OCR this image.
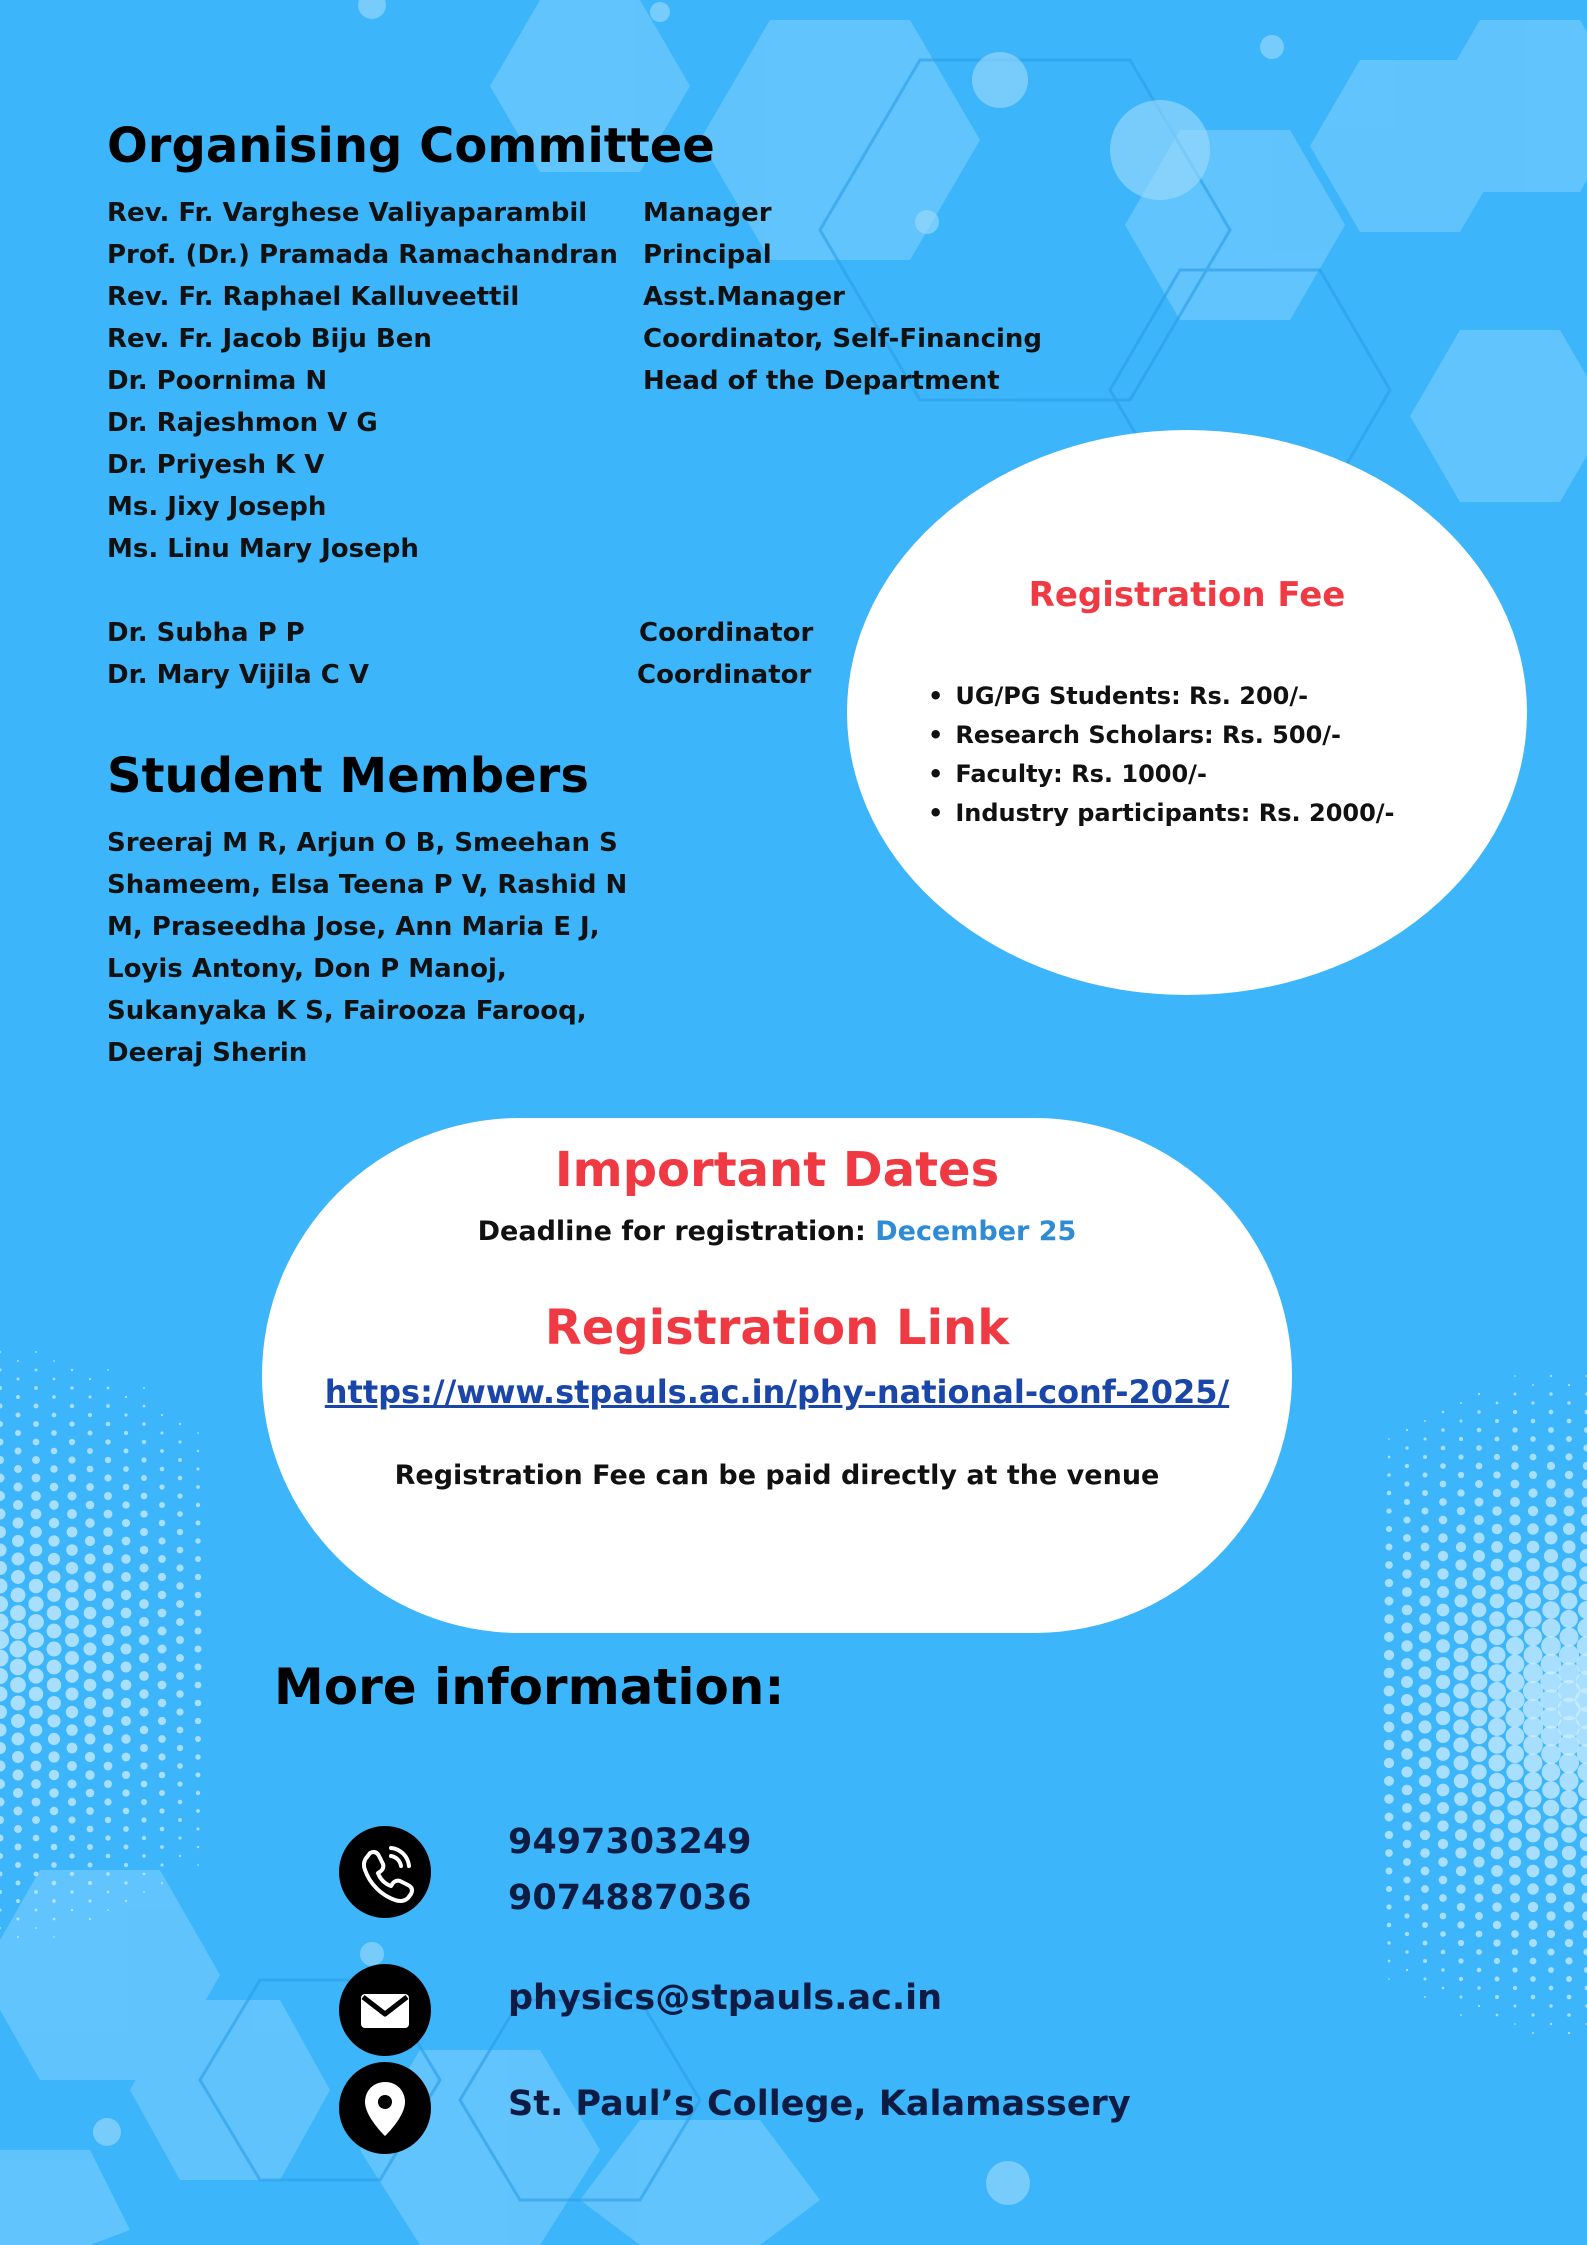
Organising Committee
Rev. Fr. Varghese Valiyaparambil Manager
Prof. (Dr.) Pramada Ramachandran Principal
Rev. Fr. Raphael Kalluveettil	Asst.Manager
Rev. Fr. Jacob Biju Ben	Coordinator, Self-Financing
Dr. Poornima N	Head of the Department
Dr. Rajeshmon V G
Dr. Priyesh K V
Ms. Jixy Joseph
Ms. Linu Mary Joseph
Dr. Subha P P	Coordinator
Dr. Mary Vijila C V	Coordinator
Student Members
Sreeraj M R, Arjun O B, Smeehan S Shameem, Elsa Teena P V, Rashid N M, Praseedha Jose, Ann Maria E J, Loyis Antony, Don P Manoj, Sukanyaka K S, Fairooza Farooq, Deeraj Sherin
Registration Fee
• UG/PG Students: Rs. 200/-
• Research Scholars: Rs. 500/-
• Faculty: Rs. 1000/-
• Industry participants: Rs. 2000/-
Important Dates
Deadline for registration: December 25
Registration Link
https://www.stpauls.ac.in/phy-national-conf-2025/
Registration Fee can be paid directly at the venue
More information:
9497303249
9074887036
physics@stpauls.ac.in
St. Paul’s College, Kalamassery
